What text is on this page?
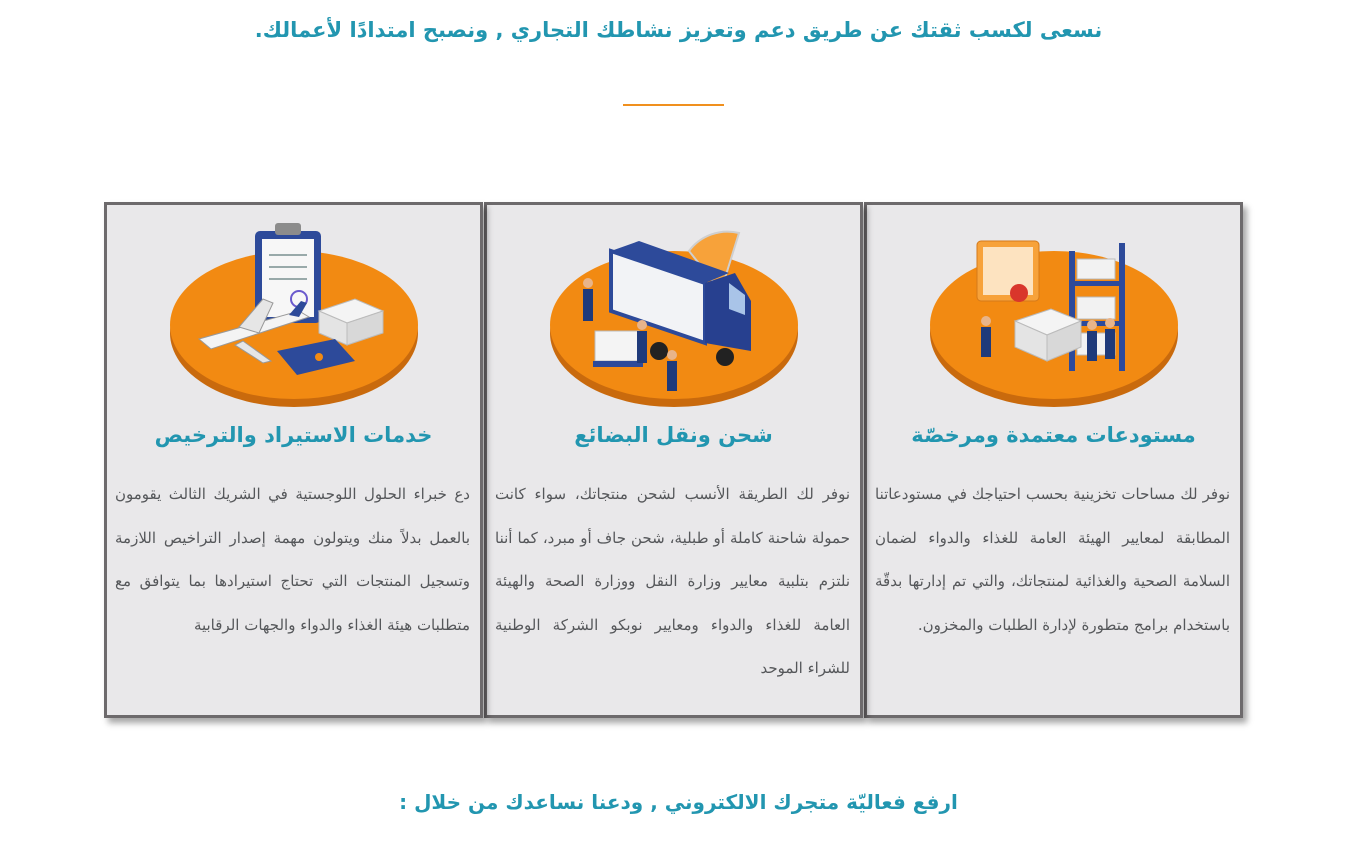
نسعى لكسب ثقتك عن طريق دعم وتعزيز نشاطك التجاري , ونصبح امتدادًا لأعمالك.
مستودعات معتمدة ومرخصّة
نوفر لك مساحات تخزينية بحسب احتياجك في مستودعاتنا المطابقة لمعايير الهيئة العامة للغذاء والدواء لضمان السلامة الصحية والغذائية لمنتجاتك، والتي تم إدارتها بدقّة باستخدام برامج متطورة لإدارة الطلبات والمخزون.
شحن ونقل البضائع
نوفر لك الطريقة الأنسب لشحن منتجاتك، سواء كانت حمولة شاحنة كاملة أو طبلية، شحن جاف أو مبرد، كما أننا نلتزم بتلبية معايير وزارة النقل ووزارة الصحة والهيئة العامة للغذاء والدواء ومعايير نوبكو الشركة الوطنية للشراء الموحد
خدمات الاستيراد والترخيص
دع خبراء الحلول اللوجستية في الشريك الثالث يقومون بالعمل بدلاً منك ويتولون مهمة إصدار التراخيص اللازمة وتسجيل المنتجات التي تحتاج استيرادها بما يتوافق مع متطلبات هيئة الغذاء والدواء والجهات الرقابية
ارفع فعاليّة متجرك الالكتروني , ودعنا نساعدك من خلال :
